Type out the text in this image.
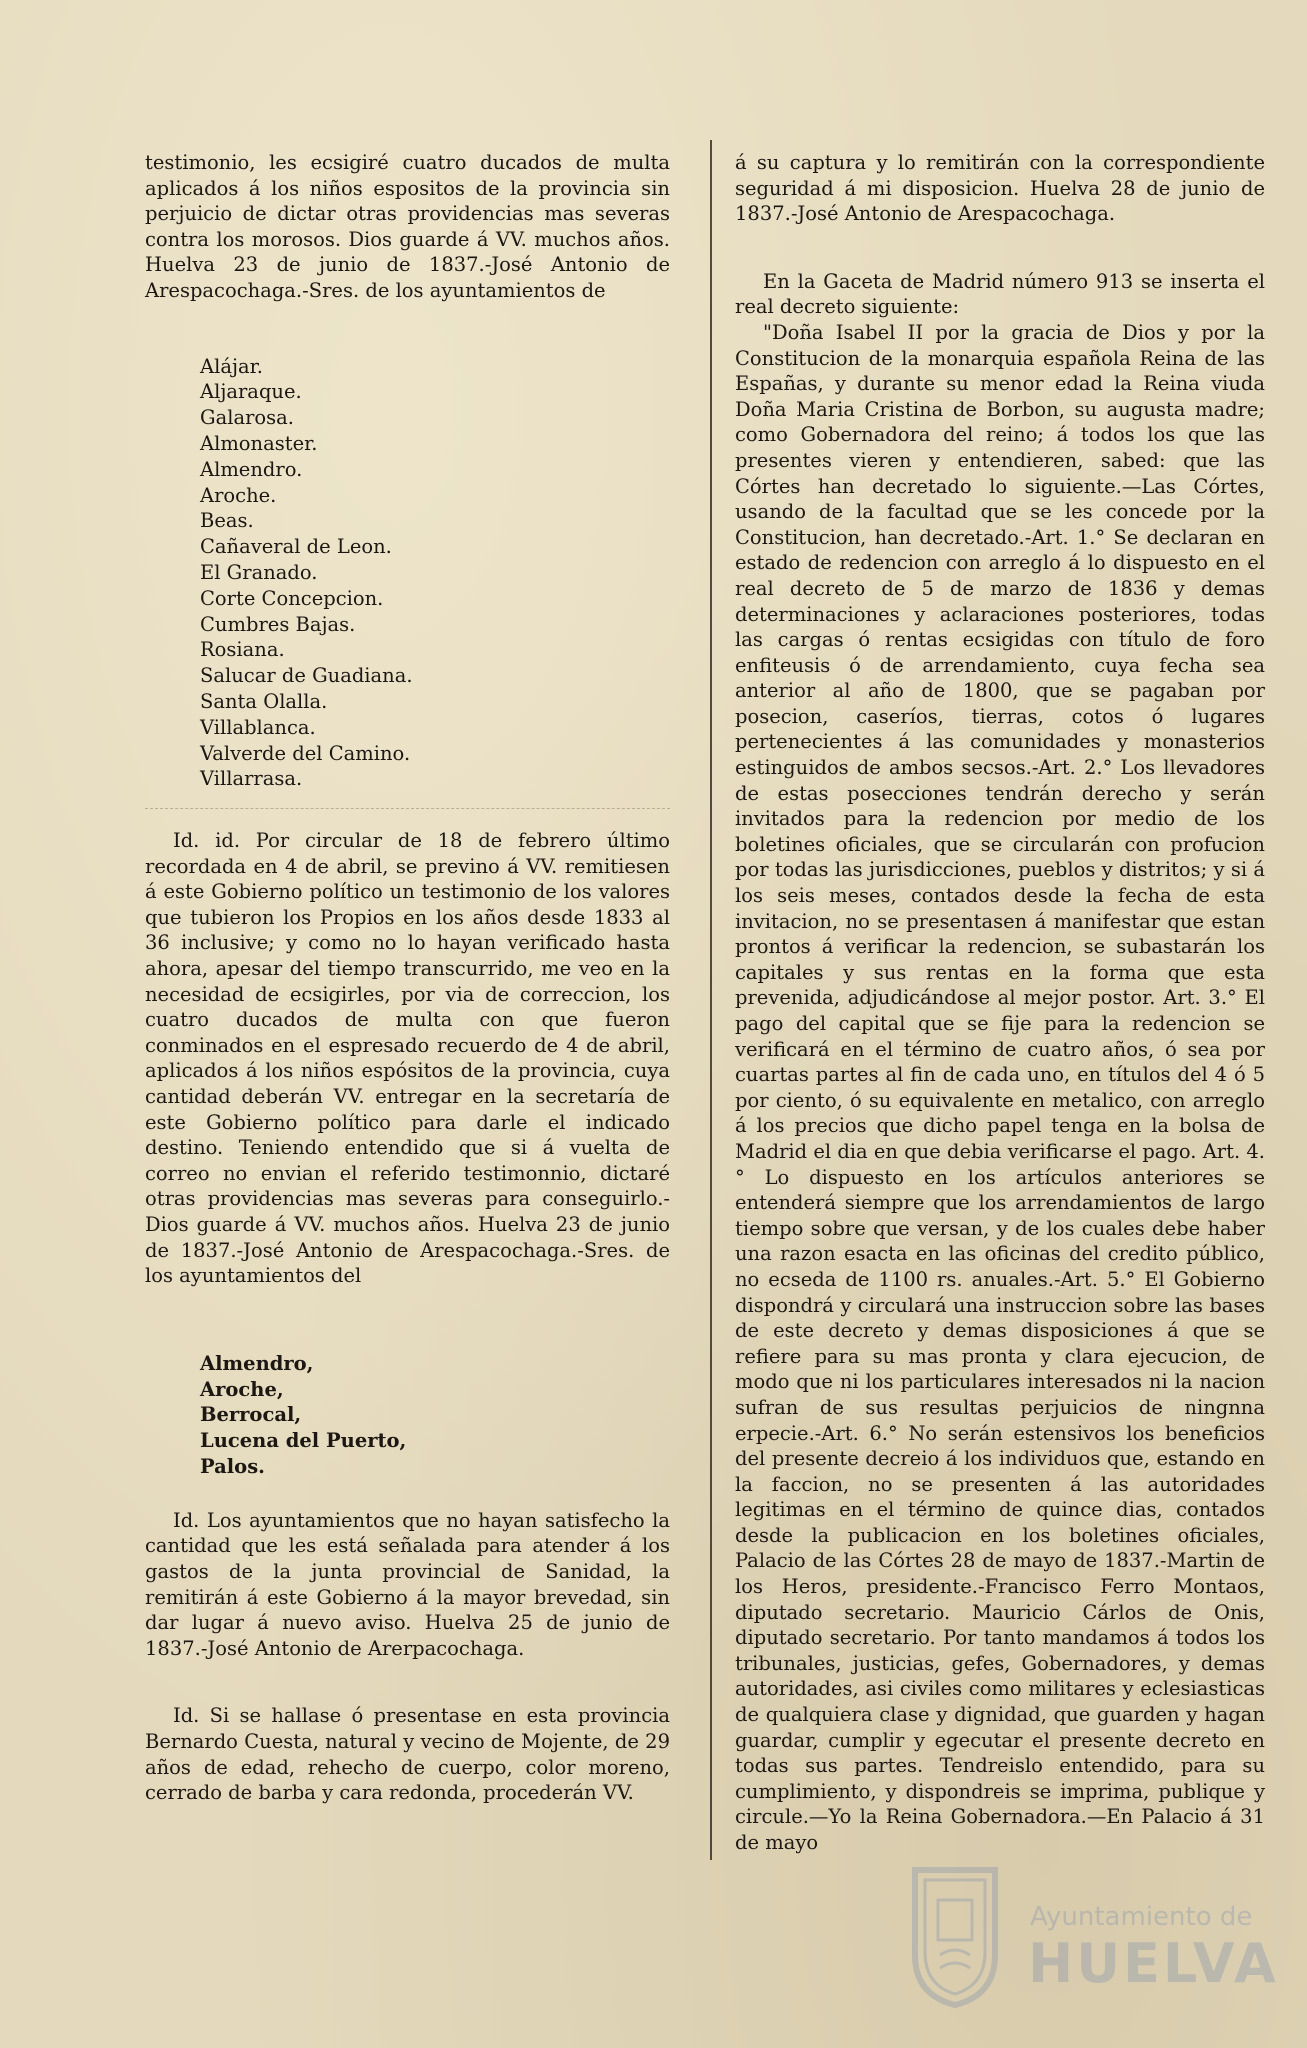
testimonio, les ecsigiré cuatro ducados de multa aplicados á los niños espositos de la provincia sin perjuicio de dictar otras providencias mas severas contra los morosos. Dios guarde á VV. muchos años. Huelva 23 de junio de 1837.-José Antonio de Arespacochaga.-Sres. de los ayuntamientos de

Alájar.
Aljaraque.
Galarosa.
Almonaster.
Almendro.
Aroche.
Beas.
Cañaveral de Leon.
El Granado.
Corte Concepcion.
Cumbres Bajas.
Rosiana.
Salucar de Guadiana.
Santa Olalla.
Villablanca.
Valverde del Camino.
Villarrasa.

Id. id. Por circular de 18 de febrero último recordada en 4 de abril, se previno á VV. remitiesen á este Gobierno político un testimonio de los valores que tubieron los Propios en los años desde 1833 al 36 inclusive; y como no lo hayan verificado hasta ahora, apesar del tiempo transcurrido, me veo en la necesidad de ecsigirles, por via de correccion, los cuatro ducados de multa con que fueron conminados en el espresado recuerdo de 4 de abril, aplicados á los niños espósitos de la provincia, cuya cantidad deberán VV. entregar en la secretaría de este Gobierno político para darle el indicado destino. Teniendo entendido que si á vuelta de correo no envian el referido testimonnio, dictaré otras providencias mas severas para conseguirlo.-Dios guarde á VV. muchos años. Huelva 23 de junio de 1837.-José Antonio de Arespacochaga.-Sres. de los ayuntamientos del

Almendro,
Aroche,
Berrocal,
Lucena del Puerto,
Palos.

Id. Los ayuntamientos que no hayan satisfecho la cantidad que les está señalada para atender á los gastos de la junta provincial de Sanidad, la remitirán á este Gobierno á la mayor brevedad, sin dar lugar á nuevo aviso. Huelva 25 de junio de 1837.-José Antonio de Arerpacochaga.

Id. Si se hallase ó presentase en esta provincia Bernardo Cuesta, natural y vecino de Mojente, de 29 años de edad, rehecho de cuerpo, color moreno, cerrado de barba y cara redonda, procederán VV.

á su captura y lo remitirán con la correspondiente seguridad á mi disposicion. Huelva 28 de junio de 1837.-José Antonio de Arespacochaga.

En la Gaceta de Madrid número 913 se inserta el real decreto siguiente:

"Doña Isabel II por la gracia de Dios y por la Constitucion de la monarquia española Reina de las Españas, y durante su menor edad la Reina viuda Doña Maria Cristina de Borbon, su augusta madre; como Gobernadora del reino; á todos los que las presentes vieren y entendieren, sabed: que las Córtes han decretado lo siguiente.—Las Córtes, usando de la facultad que se les concede por la Constitucion, han decretado.-Art. 1.° Se declaran en estado de redencion con arreglo á lo dispuesto en el real decreto de 5 de marzo de 1836 y demas determinaciones y aclaraciones posteriores, todas las cargas ó rentas ecsigidas con título de foro enfiteusis ó de arrendamiento, cuya fecha sea anterior al año de 1800, que se pagaban por posecion, caseríos, tierras, cotos ó lugares pertenecientes á las comunidades y monasterios estinguidos de ambos secsos.-Art. 2.° Los llevadores de estas posecciones tendrán derecho y serán invitados para la redencion por medio de los boletines oficiales, que se circularán con profucion por todas las jurisdicciones, pueblos y distritos; y si á los seis meses, contados desde la fecha de esta invitacion, no se presentasen á manifestar que estan prontos á verificar la redencion, se subastarán los capitales y sus rentas en la forma que esta prevenida, adjudicándose al mejor postor. Art. 3.° El pago del capital que se fije para la redencion se verificará en el término de cuatro años, ó sea por cuartas partes al fin de cada uno, en títulos del 4 ó 5 por ciento, ó su equivalente en metalico, con arreglo á los precios que dicho papel tenga en la bolsa de Madrid el dia en que debia verificarse el pago. Art. 4.° Lo dispuesto en los artículos anteriores se entenderá siempre que los arrendamientos de largo tiempo sobre que versan, y de los cuales debe haber una razon esacta en las oficinas del credito público, no ecseda de 1100 rs. anuales.-Art. 5.° El Gobierno dispondrá y circulará una instruccion sobre las bases de este decreto y demas disposiciones á que se refiere para su mas pronta y clara ejecucion, de modo que ni los particulares interesados ni la nacion sufran de sus resultas perjuicios de ningnna erpecie.-Art. 6.° No serán estensivos los beneficios del presente decreio á los individuos que, estando en la faccion, no se presenten á las autoridades legitimas en el término de quince dias, contados desde la publicacion en los boletines oficiales, Palacio de las Córtes 28 de mayo de 1837.-Martin de los Heros, presidente.-Francisco Ferro Montaos, diputado secretario. Mauricio Cárlos de Onis, diputado secretario. Por tanto mandamos á todos los tribunales, justicias, gefes, Gobernadores, y demas autoridades, asi civiles como militares y eclesiasticas de qualquiera clase y dignidad, que guarden y hagan guardar, cumplir y egecutar el presente decreto en todas sus partes. Tendreislo entendido, para su cumplimiento, y dispondreis se imprima, publique y circule.—Yo la Reina Gobernadora.—En Palacio á 31 de mayo

Ayuntamiento de
HUELVA
